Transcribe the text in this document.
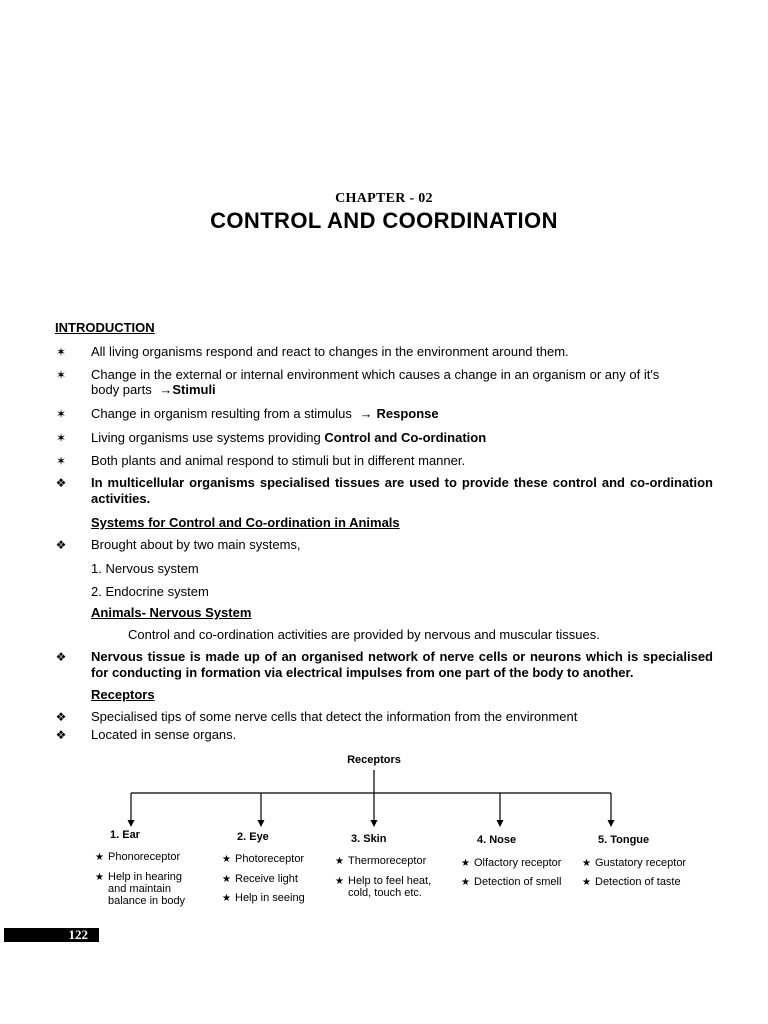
CHAPTER - 02
CONTROL AND COORDINATION
INTRODUCTION
✶ All living organisms respond and react to changes in the environment around them.
✶ Change in the external or internal environment which causes a change in an organism or any of it's
body parts →Stimuli
✶ Change in organism resulting from a stimulus → Response
✶ Living organisms use systems providing Control and Co-ordination
✶ Both plants and animal respond to stimuli but in different manner.
❖ In multicellular organisms specialised tissues are used to provide these control and co-ordination activities.
Systems for Control and Co-ordination in Animals
❖ Brought about by two main systems,
1. Nervous system
2. Endocrine system
Animals- Nervous System
Control and co-ordination activities are provided by nervous and muscular tissues.
❖ Nervous tissue is made up of an organised network of nerve cells or neurons which is specialised for conducting in formation via electrical impulses from one part of the body to another.
Receptors
❖ Specialised tips of some nerve cells that detect the information from the environment
❖ Located in sense organs.
Receptors
1. Ear
★ Phonoreceptor
★ Help in hearing
and maintain
balance in body
2. Eye
★ Photoreceptor
★ Receive light
★ Help in seeing
3. Skin
★ Thermoreceptor
★ Help to feel heat,
cold, touch etc.
4. Nose
★ Olfactory receptor
★ Detection of smell
5. Tongue
★ Gustatory receptor
★ Detection of taste
122
